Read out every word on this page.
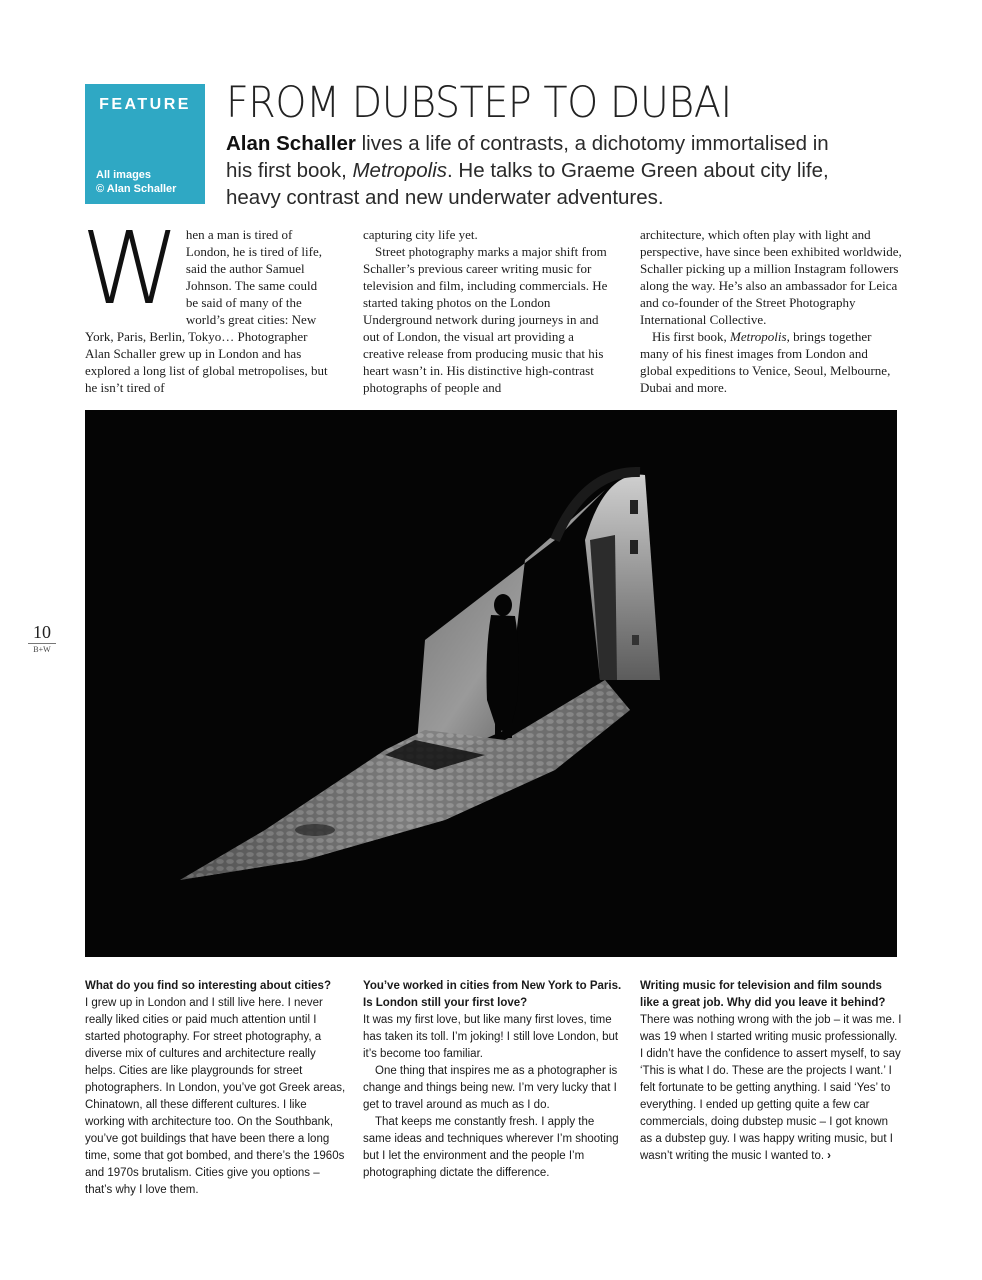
FEATURE
All images
© Alan Schaller
FROM DUBSTEP TO DUBAI
Alan Schaller lives a life of contrasts, a dichotomy immortalised in his first book, Metropolis. He talks to Graeme Green about city life, heavy contrast and new underwater adventures.
W hen a man is tired of London, he is tired of life, said the author Samuel Johnson. The same could be said of many of the world’s great cities: New York, Paris, Berlin, Tokyo… Photographer Alan Schaller grew up in London and has explored a long list of global metropolises, but he isn’t tired of

capturing city life yet.

Street photography marks a major shift from Schaller’s previous career writing music for television and film, including commercials. He started taking photos on the London Underground network during journeys in and out of London, the visual art providing a creative release from producing music that his heart wasn’t in. His distinctive high-contrast photographs of people and

architecture, which often play with light and perspective, have since been exhibited worldwide, Schaller picking up a million Instagram followers along the way. He’s also an ambassador for Leica and co-founder of the Street Photography International Collective.

His first book, Metropolis, brings together many of his finest images from London and global expeditions to Venice, Seoul, Melbourne, Dubai and more.

10
B+W

What do you find so interesting about cities?

I grew up in London and I still live here. I never really liked cities or paid much attention until I started photography. For street photography, a diverse mix of cultures and architecture really helps. Cities are like playgrounds for street photographers. In London, you’ve got Greek areas, Chinatown, all these different cultures. I like working with architecture too. On the Southbank, you’ve got buildings that have been there a long time, some that got bombed, and there’s the 1960s and 1970s brutalism. Cities give you options – that’s why I love them.

You’ve worked in cities from New York to Paris. Is London still your first love?

It was my first love, but like many first loves, time has taken its toll. I’m joking! I still love London, but it’s become too familiar.

One thing that inspires me as a photographer is change and things being new. I’m very lucky that I get to travel around as much as I do.

That keeps me constantly fresh. I apply the same ideas and techniques wherever I’m shooting but I let the environment and the people I’m photographing dictate the difference.

Writing music for television and film sounds like a great job. Why did you leave it behind?

There was nothing wrong with the job – it was me. I was 19 when I started writing music professionally. I didn’t have the confidence to assert myself, to say ‘This is what I do. These are the projects I want.’ I felt fortunate to be getting anything. I said ‘Yes’ to everything. I ended up getting quite a few car commercials, doing dubstep music – I got known as a dubstep guy. I was happy writing music, but I wasn’t writing the music I wanted to. ›
